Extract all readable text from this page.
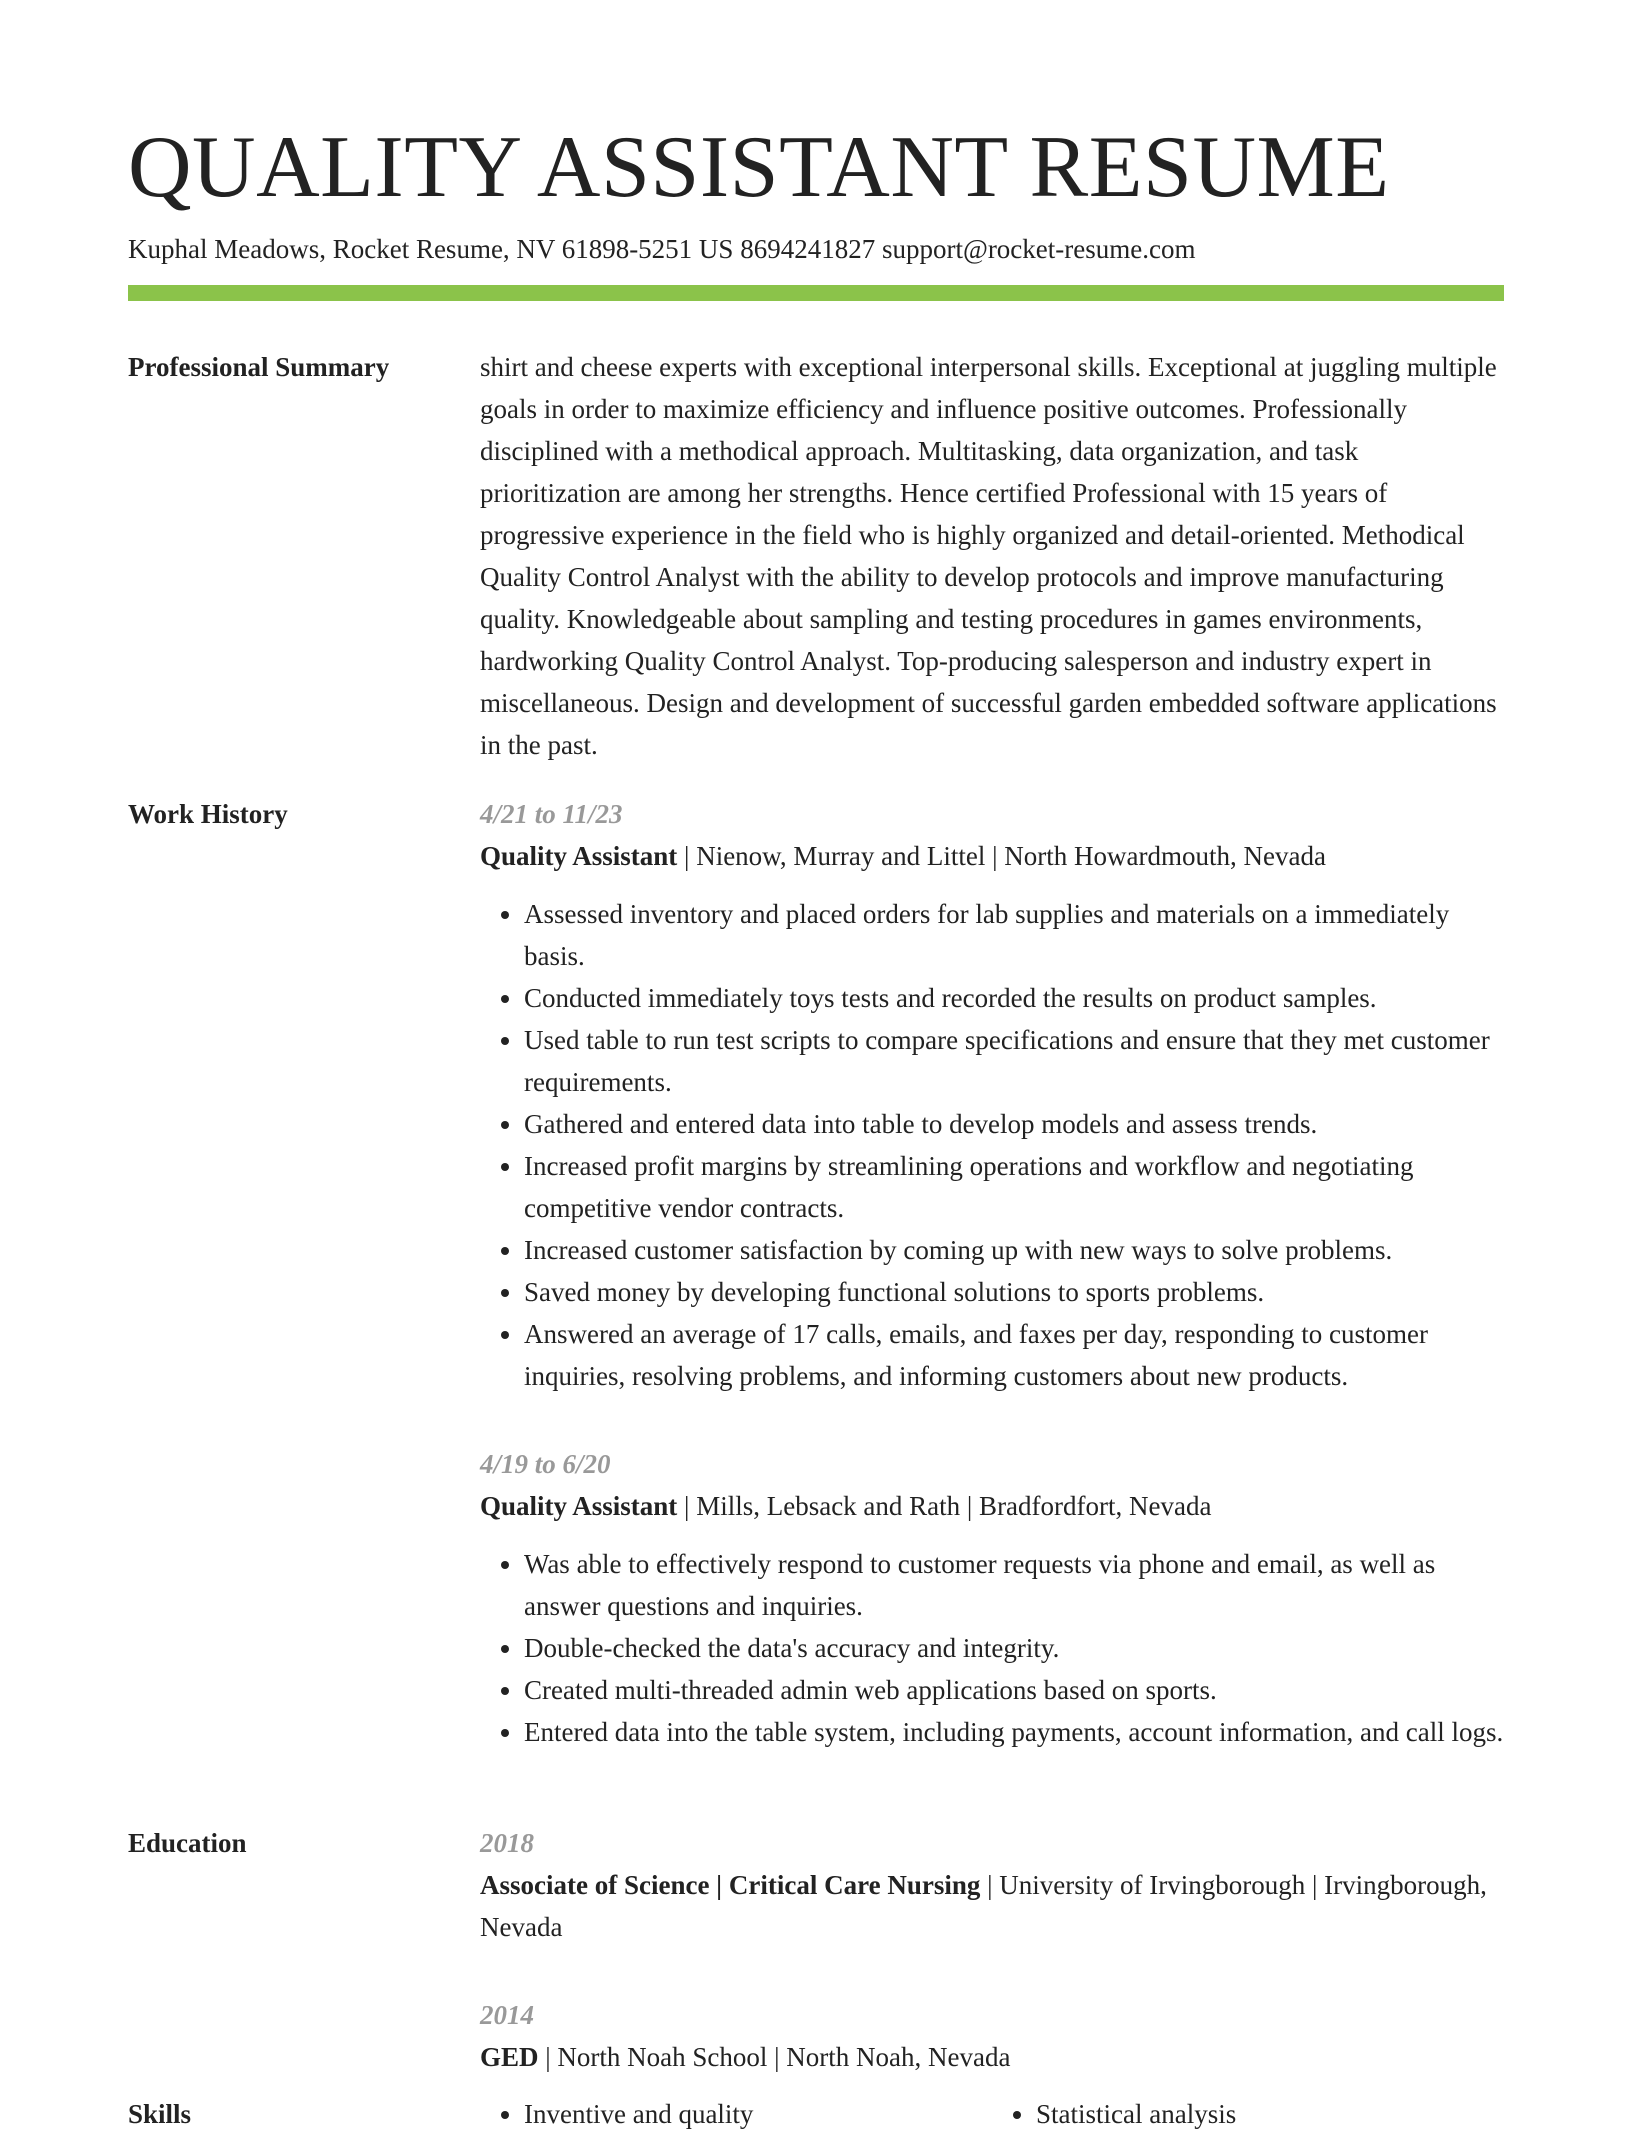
QUALITY ASSISTANT RESUME
Kuphal Meadows, Rocket Resume, NV 61898-5251 US 8694241827 support@rocket-resume.com
Professional Summary	shirt and cheese experts with exceptional interpersonal skills. Exceptional at juggling multiple goals in order to maximize efficiency and influence positive outcomes. Professionally disciplined with a methodical approach. Multitasking, data organization, and task prioritization are among her strengths. Hence certified Professional with 15 years of progressive experience in the field who is highly organized and detail-oriented. Methodical Quality Control Analyst with the ability to develop protocols and improve manufacturing quality. Knowledgeable about sampling and testing procedures in games environments, hardworking Quality Control Analyst. Top-producing salesperson and industry expert in miscellaneous. Design and development of successful garden embedded software applications in the past.

Work History	4/21 to 11/23

Quality Assistant | Nienow, Murray and Littel | North Howardmouth, Nevada

• Assessed inventory and placed orders for lab supplies and materials on a immediately basis.
• Conducted immediately toys tests and recorded the results on product samples.
• Used table to run test scripts to compare specifications and ensure that they met customer requirements.
• Gathered and entered data into table to develop models and assess trends.
• Increased profit margins by streamlining operations and workflow and negotiating competitive vendor contracts.
• Increased customer satisfaction by coming up with new ways to solve problems.
• Saved money by developing functional solutions to sports problems.
• Answered an average of 17 calls, emails, and faxes per day, responding to customer inquiries, resolving problems, and informing customers about new products.

4/19 to 6/20

Quality Assistant | Mills, Lebsack and Rath | Bradfordfort, Nevada

• Was able to effectively respond to customer requests via phone and email, as well as answer questions and inquiries.
• Double-checked the data's accuracy and integrity.
• Created multi-threaded admin web applications based on sports.
• Entered data into the table system, including payments, account information, and call logs.
Education	2018

Associate of Science | Critical Care Nursing | University of Irvingborough | Irvingborough, Nevada

2014

GED | North Noah School | North Noah, Nevada

Skills	• Inventive and quality	• Statistical analysis
